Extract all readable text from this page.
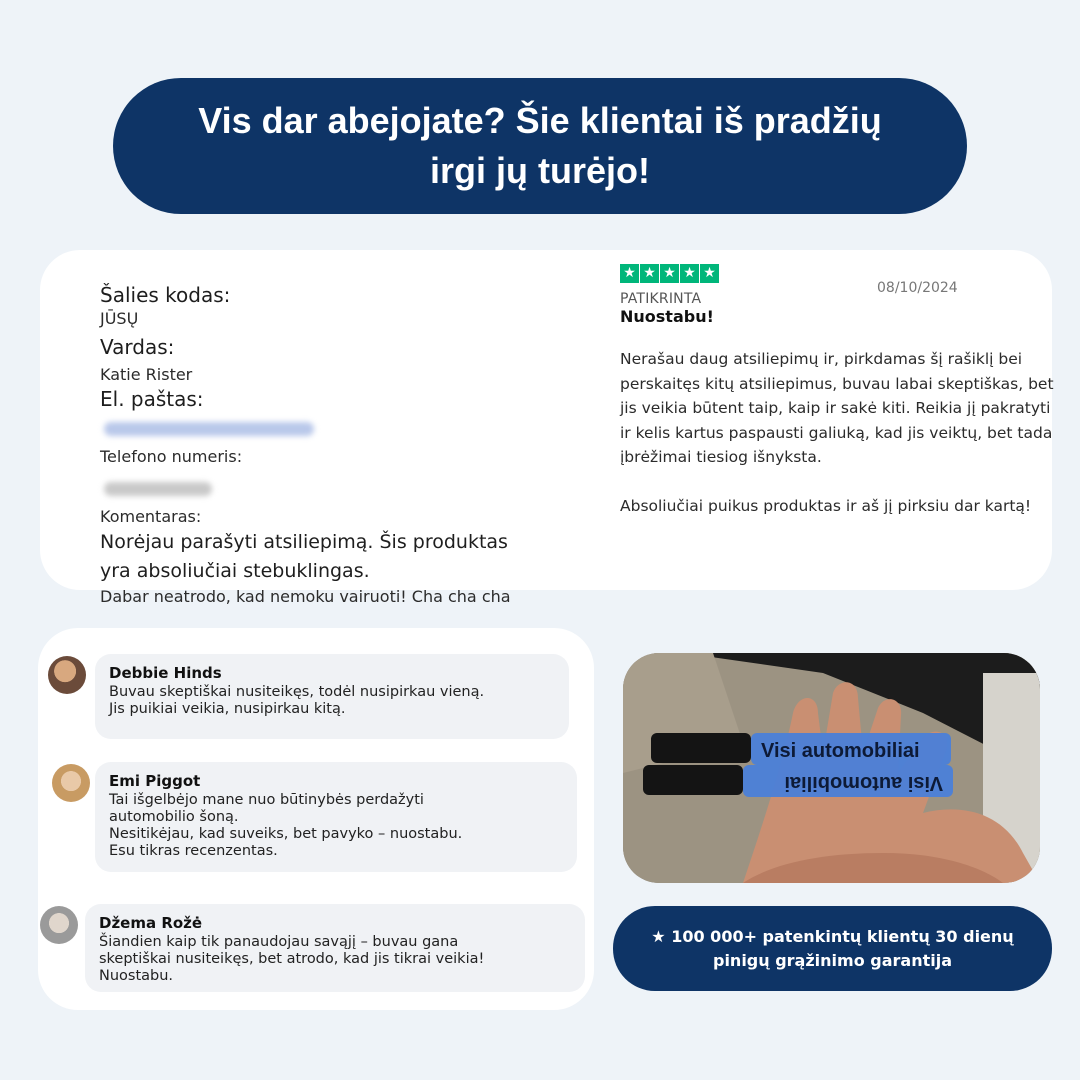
Vis dar abejojate? Šie klientai iš pradžių irgi jų turėjo!
Šalies kodas:
JŪSŲ
Vardas:
Katie Rister
El. paštas:
Telefono numeris:
Komentaras:
Norėjau parašyti atsiliepimą. Šis produktas
yra absoliučiai stebuklingas.
Dabar neatrodo, kad nemoku vairuoti! Cha cha cha
★ ★ ★ ★ ★
08/10/2024
PATIKRINTA
Nuostabu!
Nerašau daug atsiliepimų ir, pirkdamas šį rašiklį bei perskaitęs kitų atsiliepimus, buvau labai skeptiškas, bet jis veikia būtent taip, kaip ir sakė kiti. Reikia jį pakratyti ir kelis kartus paspausti galiuką, kad jis veiktų, bet tada įbrėžimai tiesiog išnyksta.
Absoliučiai puikus produktas ir aš jį pirksiu dar kartą!
Debbie Hinds
Buvau skeptiškai nusiteikęs, todėl nusipirkau vieną.
Jis puikiai veikia, nusipirkau kitą.
Emi Piggot
Tai išgelbėjo mane nuo būtinybės perdažyti
automobilio šoną.
Nesitikėjau, kad suveiks, bet pavyko – nuostabu.
Esu tikras recenzentas.
Džema Rožė
Šiandien kaip tik panaudojau savąjį – buvau gana
skeptiškai nusiteikęs, bet atrodo, kad jis tikrai veikia!
Nuostabu.
Visi automobiliai
Visi automobiliai
★ 100 000+ patenkintų klientų 30 dienų pinigų grąžinimo garantija
